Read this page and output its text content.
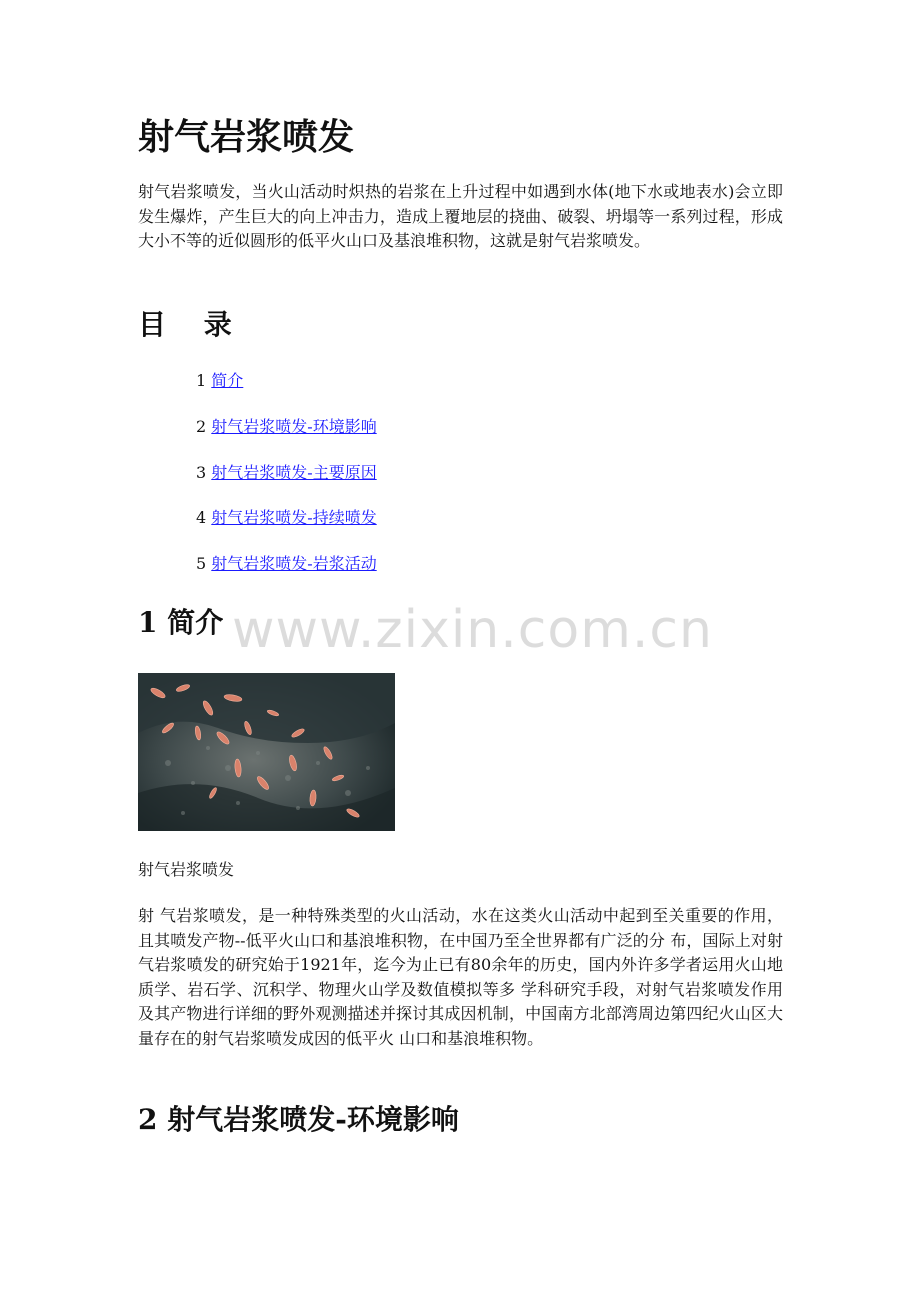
射气岩浆喷发

射气岩浆喷发，当火山活动时炽热的岩浆在上升过程中如遇到水体(地下水或地表水)会立即发生爆炸，产生巨大的向上冲击力，造成上覆地层的挠曲、破裂、坍塌等一系列过程，形成大小不等的近似圆形的低平火山口及基浪堆积物，这就是射气岩浆喷发。

目 录
1 简介
2 射气岩浆喷发-环境影响
3 射气岩浆喷发-主要原因
4 射气岩浆喷发-持续喷发
5 射气岩浆喷发-岩浆活动
1 简介
射气岩浆喷发

射 气岩浆喷发，是一种特殊类型的火山活动，水在这类火山活动中起到至关重要的作用，且其喷发产物--低平火山口和基浪堆积物，在中国乃至全世界都有广泛的分 布，国际上对射气岩浆喷发的研究始于1921年，迄今为止已有80余年的历史，国内外许多学者运用火山地质学、岩石学、沉积学、物理火山学及数值模拟等多 学科研究手段，对射气岩浆喷发作用及其产物进行详细的野外观测描述并探讨其成因机制，中国南方北部湾周边第四纪火山区大量存在的射气岩浆喷发成因的低平火 山口和基浪堆积物。

2 射气岩浆喷发-环境影响
www.zixin.com.cn
